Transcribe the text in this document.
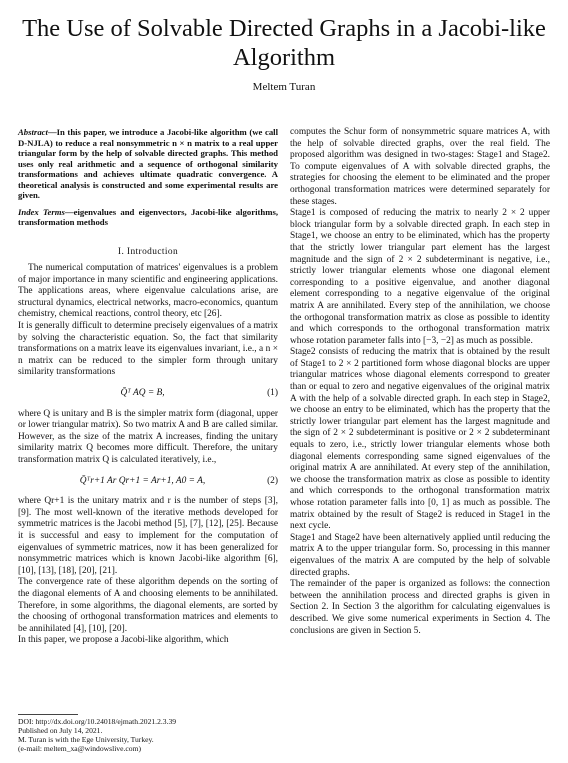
The Use of Solvable Directed Graphs in a Jacobi-like Algorithm
Meltem Turan

Abstract—In this paper, we introduce a Jacobi-like algorithm (we call D-NJLA) to reduce a real nonsymmetric n × n matrix to a real upper triangular form by the help of solvable directed graphs. This method uses only real arithmetic and a sequence of orthogonal similarity transformations and achieves ultimate quadratic convergence. A theoretical analysis is constructed and some experimental results are given.

Index Terms—eigenvalues and eigenvectors, Jacobi-like algorithms, transformation methods

I. Introduction

The numerical computation of matrices' eigenvalues is a problem of major importance in many scientific and engineering applications. The applications areas, where eigenvalue calculations arise, are structural dynamics, electrical networks, macro-economics, quantum chemistry, chemical reactions, control theory, etc [26].

It is generally difficult to determine precisely eigenvalues of a matrix by solving the characteristic equation. So, the fact that similarity transformations on a matrix leave its eigenvalues invariant, i.e., a n × n matrix can be reduced to the simpler form through unitary similarity transformations

Q̄ᵀ AQ = B,	(1)

where Q is unitary and B is the simpler matrix form (diagonal, upper or lower triangular matrix). So two matrix A and B are called similar. However, as the size of the matrix A increases, finding the unitary similarity matrix Q becomes more difficult. Therefore, the unitary transformation matrix Q is calculated iteratively, i.e.,

Q̄ᵀr+1 Ar Qr+1 = Ar+1, A0 = A,	(2)

where Qr+1 is the unitary matrix and r is the number of steps [3], [9]. The most well-known of the iterative methods developed for symmetric matrices is the Jacobi method [5], [7], [12], [25]. Because it is successful and easy to implement for the computation of eigenvalues of symmetric matrices, now it has been generalized for nonsymmetric matrices which is known Jacobi-like algorithm [6], [10], [13], [18], [20], [21].

The convergence rate of these algorithm depends on the sorting of the diagonal elements of A and choosing elements to be annihilated. Therefore, in some algorithms, the diagonal elements, are sorted by the choosing of orthogonal transformation matrices and elements to be annihilated [4], [10], [20].

In this paper, we propose a Jacobi-like algorithm, which

computes the Schur form of nonsymmetric square matrices A, with the help of solvable directed graphs, over the real field. The proposed algorithm was designed in two-stages: Stage1 and Stage2. To compute eigenvalues of A with solvable directed graphs, the strategies for choosing the element to be eliminated and the proper orthogonal transformation matrices were determined separately for these stages.

Stage1 is composed of reducing the matrix to nearly 2 × 2 upper block triangular form by a solvable directed graph. In each step in Stage1, we choose an entry to be eliminated, which has the property that the strictly lower triangular part element has the largest magnitude and the sign of 2 × 2 subdeterminant is negative, i.e., strictly lower triangular elements whose one diagonal element corresponding to a positive eigenvalue, and another diagonal element corresponding to a negative eigenvalue of the original matrix A are annihilated. Every step of the annihilation, we choose the orthogonal transformation matrix as close as possible to identity and which corresponds to the orthogonal transformation matrix whose rotation parameter falls into [−3, −2] as much as possible.

Stage2 consists of reducing the matrix that is obtained by the result of Stage1 to 2 × 2 partitioned form whose diagonal blocks are upper triangular matrices whose diagonal elements correspond to greater than or equal to zero and negative eigenvalues of the original matrix A with the help of a solvable directed graph. In each step in Stage2, we choose an entry to be eliminated, which has the property that the strictly lower triangular part element has the largest magnitude and the sign of 2 × 2 subdeterminant is positive or 2 × 2 subdeterminant equals to zero, i.e., strictly lower triangular elements whose both diagonal elements corresponding same signed eigenvalues of the original matrix A are annihilated. At every step of the annihilation, we choose the transformation matrix as close as possible to identity and which corresponds to the orthogonal transformation matrix whose rotation parameter falls into [0, 1] as much as possible. The matrix obtained by the result of Stage2 is reduced in Stage1 in the next cycle.

Stage1 and Stage2 have been alternatively applied until reducing the matrix A to the upper triangular form. So, processing in this manner eigenvalues of the matrix A are computed by the help of solvable directed graphs.

The remainder of the paper is organized as follows: the connection between the annihilation process and directed graphs is given in Section 2. In Section 3 the algorithm for calculating eigenvalues is described. We give some numerical experiments in Section 4. The conclusions are given in Section 5.

DOI: http://dx.doi.org/10.24018/ejmath.2021.2.3.39
Published on July 14, 2021.
M. Turan is with the Ege University, Turkey.
(e-mail: meltem_xa@windowslive.com)
